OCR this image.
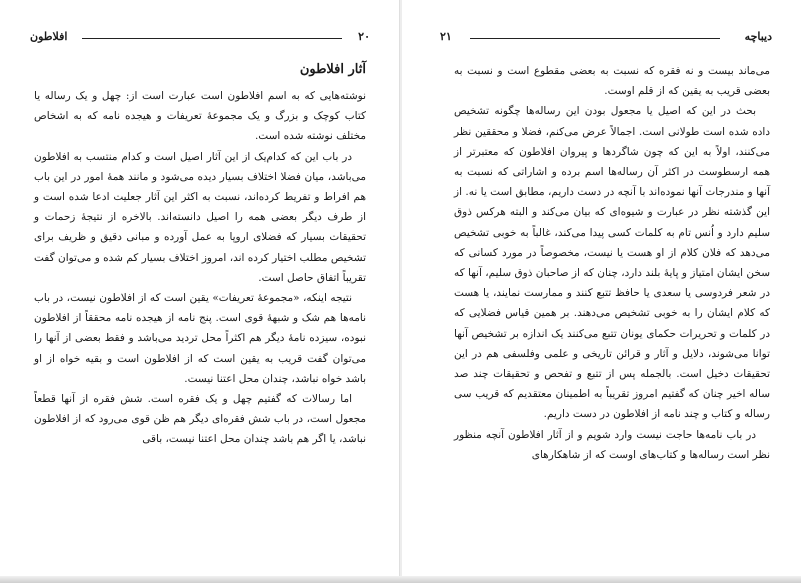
۲۰
افلاطون
آثار افلاطون

نوشته‌هایی که به اسم افلاطون است عبارت است از: چهل و یک رساله یا کتاب کوچک و بزرگ و یک مجموعهٔ تعریفات و هیجده نامه که به اشخاص مختلف نوشته شده است.

در باب این که کدام‌یک از این آثار اصیل است و کدام منتسب به افلاطون می‌باشد، میان فضلا اختلاف بسیار دیده می‌شود و مانند همهٔ امور در این باب هم افراط و تفریط کرده‌اند، نسبت به اکثر این آثار جعلیت ادعا شده است و از طرف دیگر بعضی همه را اصیل دانسته‌اند. بالاخره از نتیجهٔ زحمات و تحقیقات بسیار که فضلای اروپا به عمل آورده و مبانی دقیق و ظریف برای تشخیص مطلب اختیار کرده اند، امروز اختلاف بسیار کم شده و می‌توان گفت تقریباً اتفاق حاصل است.

نتیجه اینکه، «مجموعهٔ تعریفات» یقین است که از افلاطون نیست، در باب نامه‌ها هم شک و شبههٔ قوی است. پنج نامه از هیجده نامه محققاً از افلاطون نبوده، سیزده نامهٔ دیگر هم اکثراً محل تردید می‌باشد و فقط بعضی از آنها را می‌توان گفت قریب به یقین است که از افلاطون است و بقیه خواه از او باشد خواه نباشد، چندان محل اعتنا نیست.

اما رسالات که گفتیم چهل و یک فقره است. شش فقره از آنها قطعاً مجعول است، در باب شش فقره‌ای دیگر هم ظن قوی می‌رود که از افلاطون نباشد، یا اگر هم باشد چندان محل اعتنا نیست، باقی

دیباچه
۲۱

می‌ماند بیست و نه فقره که نسبت به بعضی مقطوع است و نسبت به بعضی قریب به یقین که از قلم اوست.

بحث در این که اصیل یا مجعول بودن این رساله‌ها چگونه تشخیص داده شده است طولانی است. اجمالاً عرض می‌کنم، فضلا و محققین نظر می‌کنند، اولاً به این که چون شاگردها و پیروان افلاطون که معتبرتر از همه ارسطوست در اکثر آن رساله‌ها اسم برده و اشاراتی که نسبت به آنها و مندرجات آنها نموده‌اند با آنچه در دست داریم، مطابق است یا نه. از این گذشته نظر در عبارت و شیوه‌ای که بیان می‌کند و البته هرکس ذوق سلیم دارد و اُنس تام به کلمات کسی پیدا می‌کند، غالباً به خوبی تشخیص می‌دهد که فلان کلام از او هست یا نیست، مخصوصاً در مورد کسانی که سخن ایشان امتیاز و پایهٔ بلند دارد، چنان که از صاحبان ذوق سلیم، آنها که در شعر فردوسی یا سعدی یا حافظ تتبع کنند و ممارست نمایند، یا هست که کلام ایشان را به خوبی تشخیص می‌دهند. بر همین قیاس فضلایی که در کلمات و تحریرات حکمای یونان تتبع می‌کنند یک اندازه بر تشخیص آنها توانا می‌شوند، دلایل و آثار و قرائن تاریخی و علمی وفلسفی هم در این تحقیقات دخیل است. بالجمله پس از تتبع و تفحص و تحقیقات چند صد ساله اخیر چنان که گفتیم امروز تقریباً به اطمینان معتقدیم که قریب سی رساله و کتاب و چند نامه از افلاطون در دست داریم.

در باب نامه‌ها حاجت نیست وارد شویم و از آثار افلاطون آنچه منظور نظر است رساله‌ها و کتاب‌های اوست که از شاهکارهای
